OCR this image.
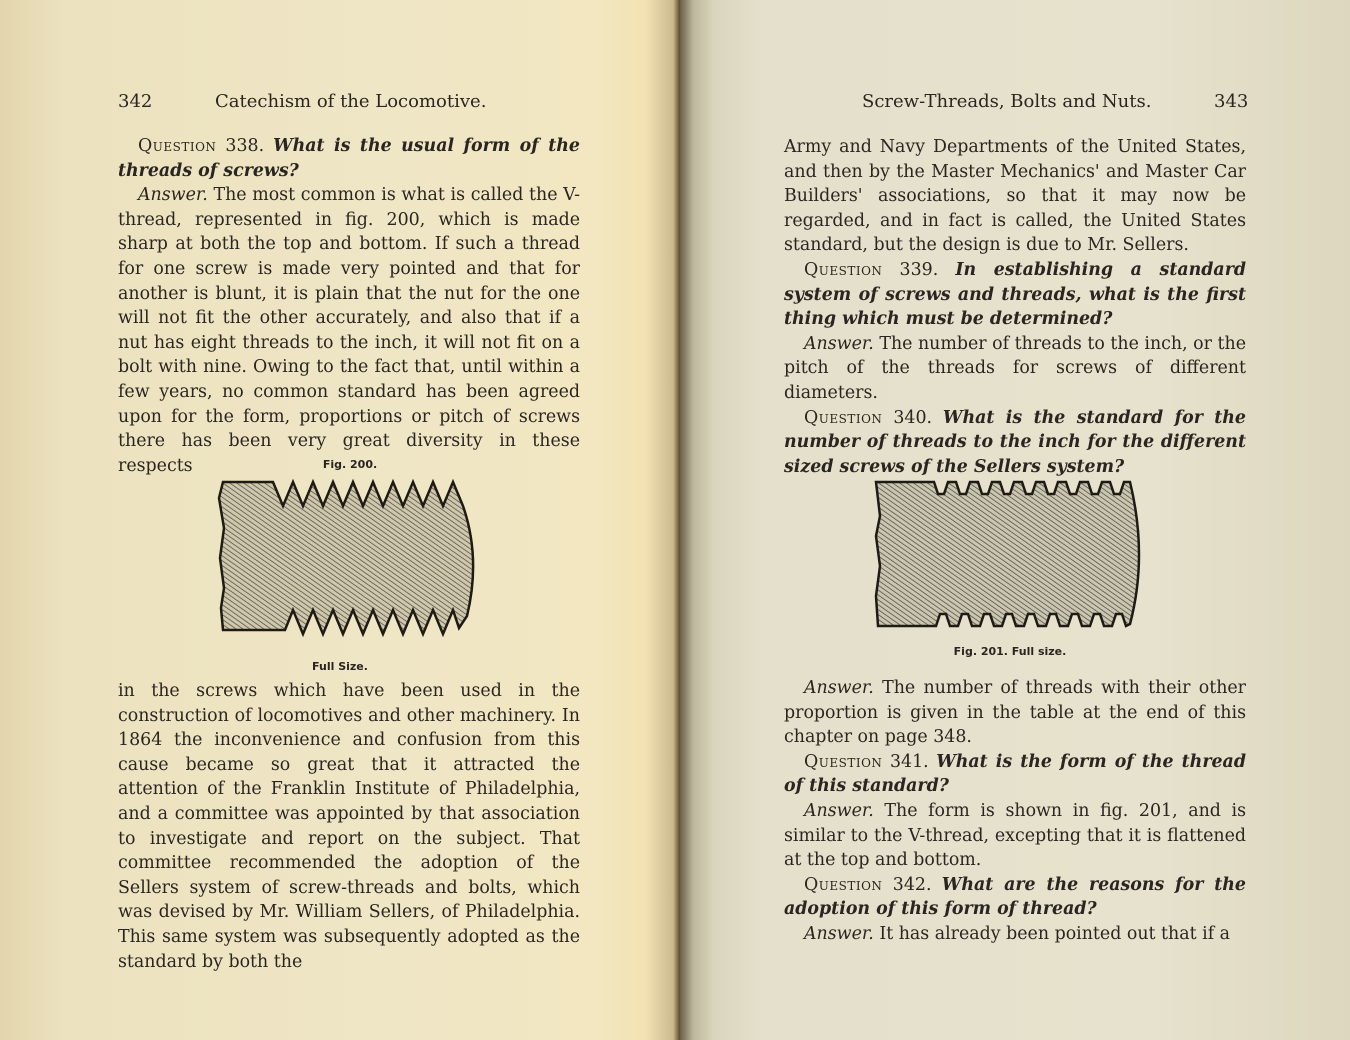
342	Catechism of the Locomotive.

Question 338. What is the usual form of the threads of screws?

Answer. The most common is what is called the V-thread, represented in fig. 200, which is made sharp at both the top and bottom. If such a thread for one screw is made very pointed and that for another is blunt, it is plain that the nut for the one will not fit the other accurately, and also that if a nut has eight threads to the inch, it will not fit on a bolt with nine. Owing to the fact that, until within a few years, no common standard has been agreed upon for the form, proportions or pitch of screws there has been very great diversity in these respects	Fig. 200.
Full Size.

in the screws which have been used in the construction of locomotives and other machinery. In 1864 the inconvenience and confusion from this cause became so great that it attracted the attention of the Franklin Institute of Philadelphia, and a committee was appointed by that association to investigate and report on the subject. That committee recommended the adoption of the Sellers system of screw-threads and bolts, which was devised by Mr. William Sellers, of Philadelphia. This same system was subsequently adopted as the standard by both the

Screw-Threads, Bolts and Nuts.	343

Army and Navy Departments of the United States, and then by the Master Mechanics' and Master Car Builders' associations, so that it may now be regarded, and in fact is called, the United States standard, but the design is due to Mr. Sellers.

Question 339. In establishing a standard system of screws and threads, what is the first thing which must be determined?

Answer. The number of threads to the inch, or the pitch of the threads for screws of different diameters.

Question 340. What is the standard for the number of threads to the inch for the different sized screws of the Sellers system?

Fig. 201. Full size.

Answer. The number of threads with their other proportion is given in the table at the end of this chapter on page 348.

Question 341. What is the form of the thread of this standard?

Answer. The form is shown in fig. 201, and is similar to the V-thread, excepting that it is flattened at the top and bottom.

Question 342. What are the reasons for the adoption of this form of thread?

Answer. It has already been pointed out that if a
